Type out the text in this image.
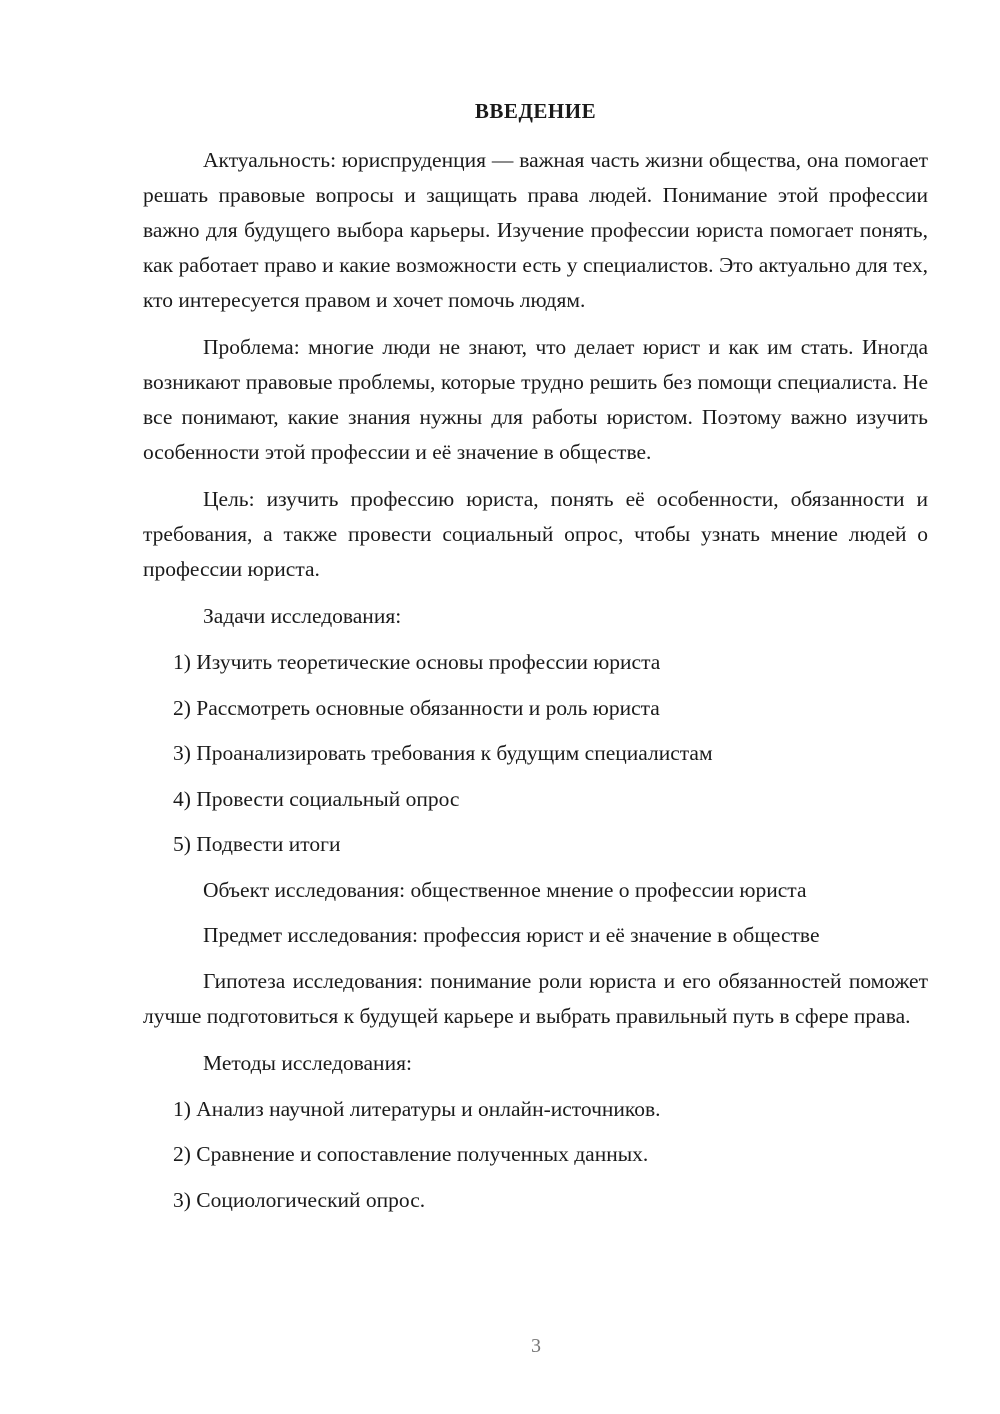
ВВЕДЕНИЕ

Актуальность: юриспруденция — важная часть жизни общества, она помогает решать правовые вопросы и защищать права людей. Понимание этой профессии важно для будущего выбора карьеры. Изучение профессии юриста помогает понять, как работает право и какие возможности есть у специалистов. Это актуально для тех, кто интересуется правом и хочет помочь людям.

Проблема: многие люди не знают, что делает юрист и как им стать. Иногда возникают правовые проблемы, которые трудно решить без помощи специалиста. Не все понимают, какие знания нужны для работы юристом. Поэтому важно изучить особенности этой профессии и её значение в обществе.

Цель: изучить профессию юриста, понять её особенности, обязанности и требования, а также провести социальный опрос, чтобы узнать мнение людей о профессии юриста.

Задачи исследования:

1) Изучить теоретические основы профессии юриста
2) Рассмотреть основные обязанности и роль юриста
3) Проанализировать требования к будущим специалистам
4) Провести социальный опрос
5) Подвести итоги

Объект исследования: общественное мнение о профессии юриста

Предмет исследования: профессия юрист и её значение в обществе

Гипотеза исследования: понимание роли юриста и его обязанностей поможет лучше подготовиться к будущей карьере и выбрать правильный путь в сфере права.

Методы исследования:

1) Анализ научной литературы и онлайн-источников.
2) Сравнение и сопоставление полученных данных.
3) Социологический опрос.
3
